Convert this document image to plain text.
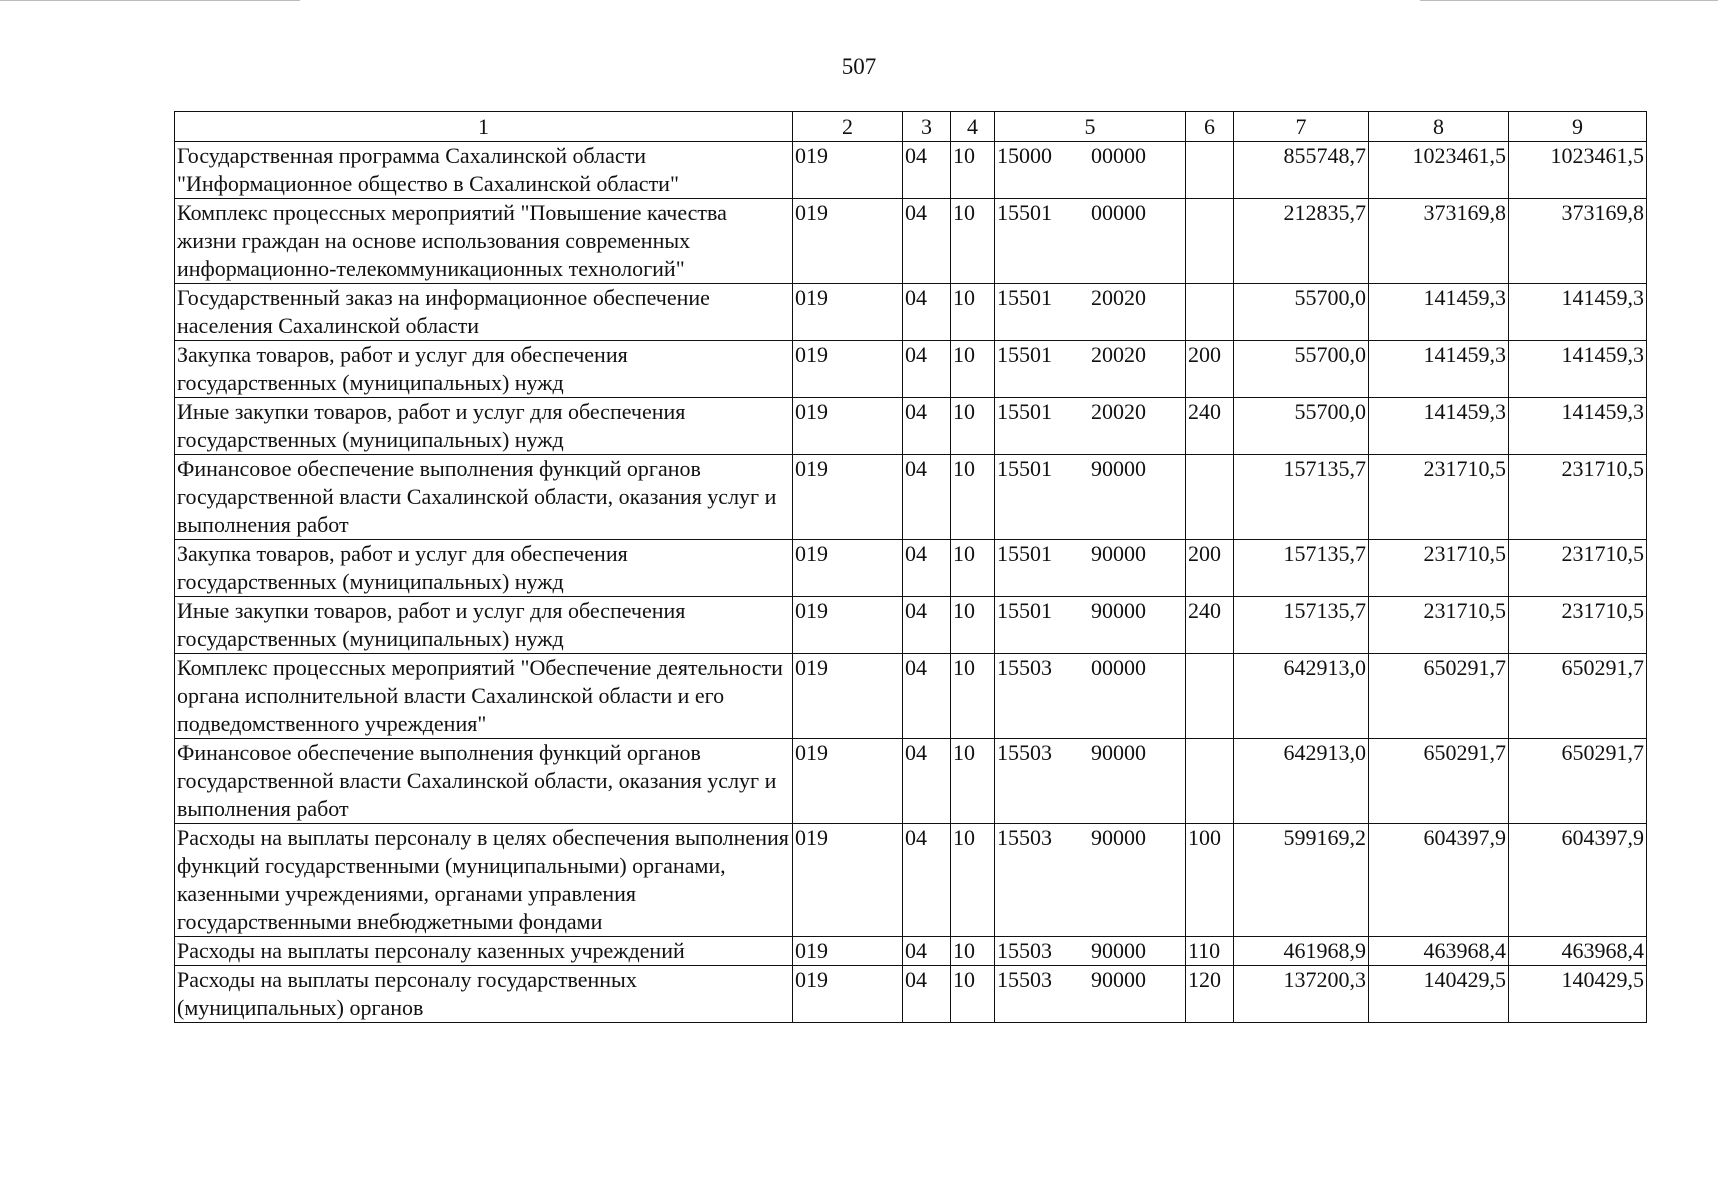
507
1	2	3	4	5	6	7	8	9
Государственная программа Сахалинской области "Информационное общество в Сахалинской области"	019	04	10	15000 00000		855748,7	1023461,5	1023461,5
Комплекс процессных мероприятий "Повышение качества жизни граждан на основе использования современных информационно-телекоммуникационных технологий"	019	04	10	15501 00000		212835,7	373169,8	373169,8
Государственный заказ на информационное обеспечение населения Сахалинской области	019	04	10	15501 20020		55700,0	141459,3	141459,3
Закупка товаров, работ и услуг для обеспечения государственных (муниципальных) нужд	019	04	10	15501 20020	200	55700,0	141459,3	141459,3
Иные закупки товаров, работ и услуг для обеспечения государственных (муниципальных) нужд	019	04	10	15501 20020	240	55700,0	141459,3	141459,3
Финансовое обеспечение выполнения функций органов государственной власти Сахалинской области, оказания услуг и выполнения работ	019	04	10	15501 90000		157135,7	231710,5	231710,5
Закупка товаров, работ и услуг для обеспечения государственных (муниципальных) нужд	019	04	10	15501 90000	200	157135,7	231710,5	231710,5
Иные закупки товаров, работ и услуг для обеспечения государственных (муниципальных) нужд	019	04	10	15501 90000	240	157135,7	231710,5	231710,5
Комплекс процессных мероприятий "Обеспечение деятельности органа исполнительной власти Сахалинской области и его подведомственного учреждения"	019	04	10	15503 00000		642913,0	650291,7	650291,7
Финансовое обеспечение выполнения функций органов государственной власти Сахалинской области, оказания услуг и выполнения работ	019	04	10	15503 90000		642913,0	650291,7	650291,7
Расходы на выплаты персоналу в целях обеспечения выполнения функций государственными (муниципальными) органами, казенными учреждениями, органами управления государственными внебюджетными фондами	019	04	10	15503 90000	100	599169,2	604397,9	604397,9
Расходы на выплаты персоналу казенных учреждений	019	04	10	15503 90000	110	461968,9	463968,4	463968,4
Расходы на выплаты персоналу государственных (муниципальных) органов	019	04	10	15503 90000	120	137200,3	140429,5	140429,5
